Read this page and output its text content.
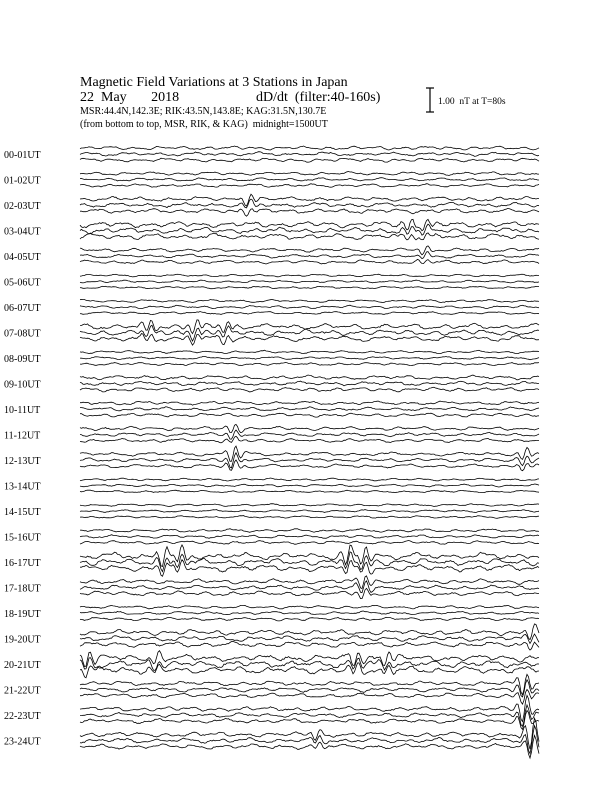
Magnetic Field Variations at 3 Stations in Japan
22  May       2018	dD/dt  (filter:40-160s)
MSR:44.4N,142.3E; RIK:43.5N,143.8E; KAG:31.5N,130.7E
(from bottom to top, MSR, RIK, & KAG)  midnight=1500UT
1.00  nT at T=80s
00-01UT
01-02UT
02-03UT
03-04UT
04-05UT
05-06UT
06-07UT
07-08UT
08-09UT
09-10UT
10-11UT
11-12UT
12-13UT
13-14UT
14-15UT
15-16UT
16-17UT
17-18UT
18-19UT
19-20UT
20-21UT
21-22UT
22-23UT
23-24UT
